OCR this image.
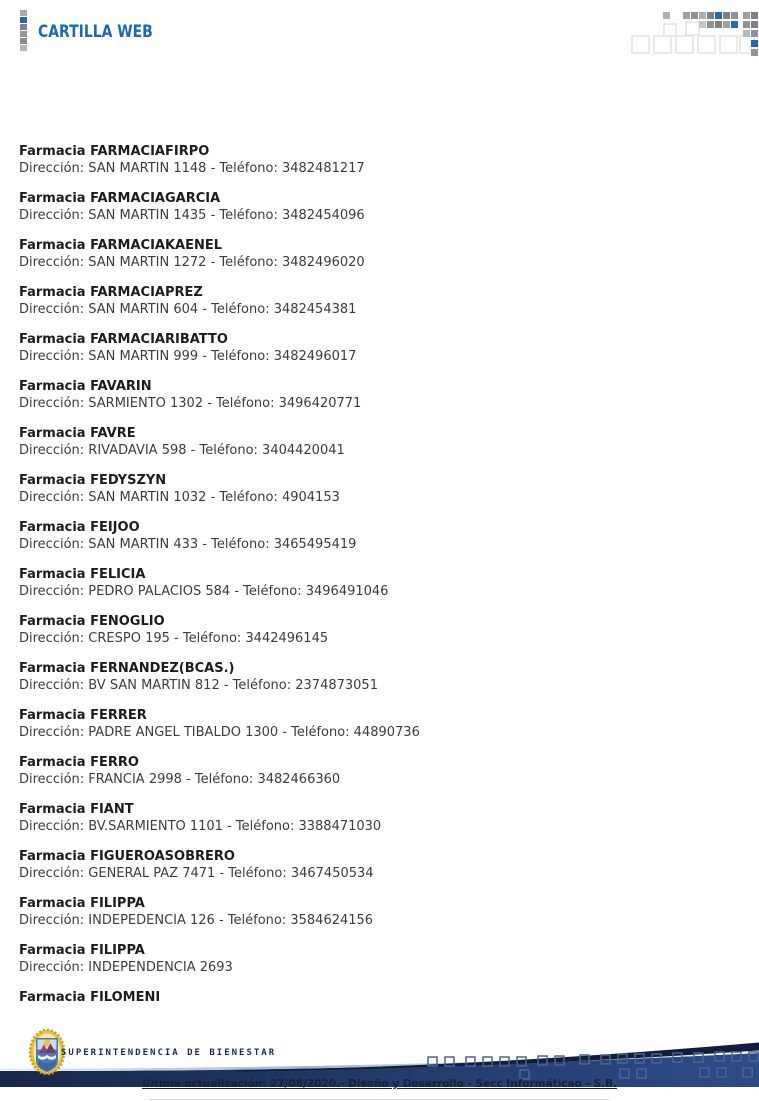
CARTILLA WEB
Farmacia FARMACIAFIRPO
Dirección: SAN MARTIN 1148 - Teléfono: 3482481217
Farmacia FARMACIAGARCIA
Dirección: SAN MARTIN 1435 - Teléfono: 3482454096
Farmacia FARMACIAKAENEL
Dirección: SAN MARTIN 1272 - Teléfono: 3482496020
Farmacia FARMACIAPREZ
Dirección: SAN MARTIN 604 - Teléfono: 3482454381
Farmacia FARMACIARIBATTO
Dirección: SAN MARTIN 999 - Teléfono: 3482496017
Farmacia FAVARIN
Dirección: SARMIENTO 1302 - Teléfono: 3496420771
Farmacia FAVRE
Dirección: RIVADAVIA 598 - Teléfono: 3404420041
Farmacia FEDYSZYN
Dirección: SAN MARTIN 1032 - Teléfono: 4904153
Farmacia FEIJOO
Dirección: SAN MARTIN 433 - Teléfono: 3465495419
Farmacia FELICIA
Dirección: PEDRO PALACIOS 584 - Teléfono: 3496491046
Farmacia FENOGLIO
Dirección: CRESPO 195 - Teléfono: 3442496145
Farmacia FERNANDEZ(BCAS.)
Dirección: BV SAN MARTIN 812 - Teléfono: 2374873051
Farmacia FERRER
Dirección: PADRE ANGEL TIBALDO 1300 - Teléfono: 44890736
Farmacia FERRO
Dirección: FRANCIA 2998 - Teléfono: 3482466360
Farmacia FIANT
Dirección: BV.SARMIENTO 1101 - Teléfono: 3388471030
Farmacia FIGUEROASOBRERO
Dirección: GENERAL PAZ 7471 - Teléfono: 3467450534
Farmacia FILIPPA
Dirección: INDEPEDENCIA 126 - Teléfono: 3584624156
Farmacia FILIPPA
Dirección: INDEPENDENCIA 2693
Farmacia FILOMENI
SUPERINTENDENCIA DE BIENESTAR
Última actualización: 27/08/2020.- Diseño y Desarrollo - Secc Informáticao - S.B.
